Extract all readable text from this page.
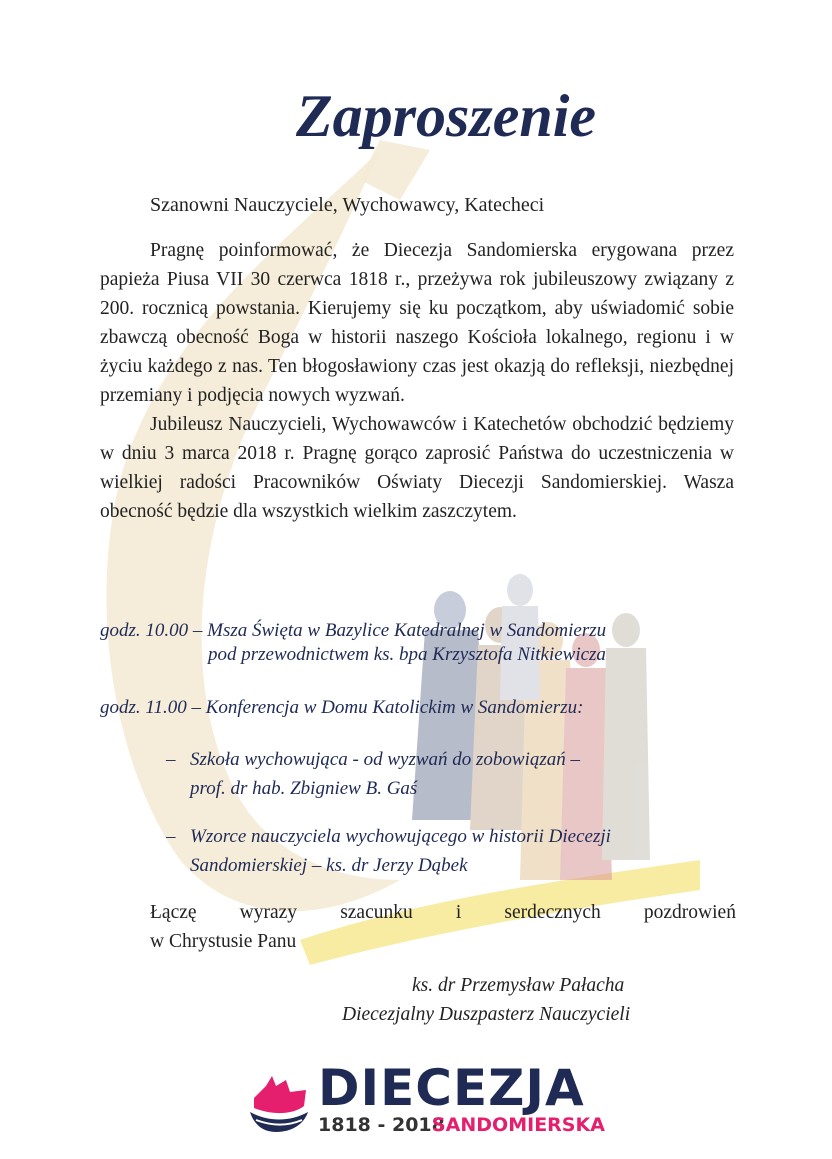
Zaproszenie
Szanowni Nauczyciele, Wychowawcy, Katecheci

Pragnę poinformować, że Diecezja Sandomierska erygowana przez papieża Piusa VII 30 czerwca 1818 r., przeżywa rok jubileuszowy związany z 200. rocznicą powstania. Kierujemy się ku początkom, aby uświadomić sobie zbawczą obecność Boga w historii naszego Kościoła lokalnego, regionu i w życiu każdego z nas. Ten błogosławiony czas jest okazją do refleksji, niezbędnej przemiany i podjęcia nowych wyzwań.

Jubileusz Nauczycieli, Wychowawców i Katechetów obchodzić będziemy w dniu 3 marca 2018 r. Pragnę gorąco zaprosić Państwa do uczestniczenia w wielkiej radości Pracowników Oświaty Diecezji Sandomierskiej. Wasza obecność będzie dla wszystkich wielkim zaszczytem.

godz. 10.00 – Msza Święta w Bazylice Katedralnej w Sandomierzu
pod przewodnictwem ks. bpa Krzysztofa Nitkiewicza
godz. 11.00 – Konferencja w Domu Katolickim w Sandomierzu:
– Szkoła wychowująca - od wyzwań do zobowiązań –
prof. dr hab. Zbigniew B. Gaś
– Wzorce nauczyciela wychowującego w historii Diecezji
Sandomierskiej – ks. dr Jerzy Dąbek
Łączę wyrazy szacunku i serdecznych pozdrowień
w Chrystusie Panu
ks. dr Przemysław Pałacha
Diecezjalny Duszpasterz Nauczycieli
DIECEZJA
1818 - 2018
SANDOMIERSKA
